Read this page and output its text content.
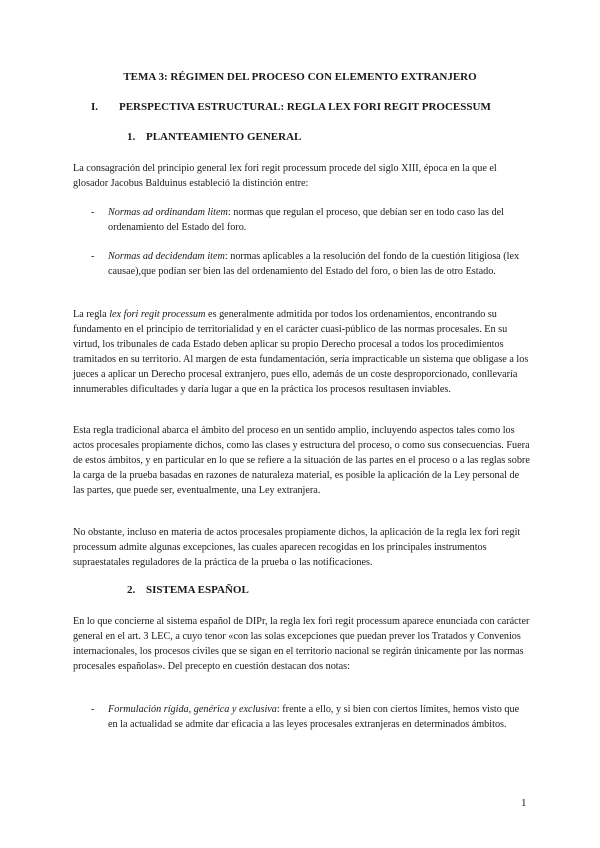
TEMA 3: RÉGIMEN DEL PROCESO CON ELEMENTO EXTRANJERO
I. PERSPECTIVA ESTRUCTURAL: REGLA LEX FORI REGIT PROCESSUM
1. PLANTEAMIENTO GENERAL

La consagración del principio general lex fori regit processum procede del siglo XIII, época en la que el glosador Jacobus Balduinus estableció la distinción entre:

- Normas ad ordinandam litem: normas que regulan el proceso, que debían ser en todo caso las del ordenamiento del Estado del foro.
- Normas ad decidendam item: normas aplicables a la resolución del fondo de la cuestión litigiosa (lex causae),que podían ser bien las del ordenamiento del Estado del foro, o bien las de otro Estado.

La regla lex fori regit processum es generalmente admitida por todos los ordenamientos, encontrando su fundamento en el principio de territorialidad y en el carácter cuasi-público de las normas procesales. En su virtud, los tribunales de cada Estado deben aplicar su propio Derecho procesal a todos los procedimientos tramitados en su territorio. Al margen de esta fundamentación, sería impracticable un sistema que obligase a los jueces a aplicar un Derecho procesal extranjero, pues ello, además de un coste desproporcionado, conllevaría innumerables dificultades y daría lugar a que en la práctica los procesos resultasen inviables.

Esta regla tradicional abarca el ámbito del proceso en un sentido amplio, incluyendo aspectos tales como los actos procesales propiamente dichos, como las clases y estructura del proceso, o como sus consecuencias. Fuera de estos ámbitos, y en particular en lo que se refiere a la situación de las partes en el proceso o a las reglas sobre la carga de la prueba basadas en razones de naturaleza material, es posible la aplicación de la Ley personal de las partes, que puede ser, eventualmente, una Ley extranjera.

No obstante, incluso en materia de actos procesales propiamente dichos, la aplicación de la regla lex fori regit processum admite algunas excepciones, las cuales aparecen recogidas en los principales instrumentos supraestatales reguladores de la práctica de la prueba o las notificaciones.

2. SISTEMA ESPAÑOL

En lo que concierne al sistema español de DIPr, la regla lex fori regit processum aparece enunciada con carácter general en el art. 3 LEC, a cuyo tenor «con las solas excepciones que puedan prever los Tratados y Convenios internacionales, los procesos civiles que se sigan en el territorio nacional se regirán únicamente por las normas procesales españolas». Del precepto en cuestión destacan dos notas:

- Formulación rígida, genérica y exclusiva: frente a ello, y si bien con ciertos límites, hemos visto que en la actualidad se admite dar eficacia a las leyes procesales extranjeras en determinados ámbitos.
1
